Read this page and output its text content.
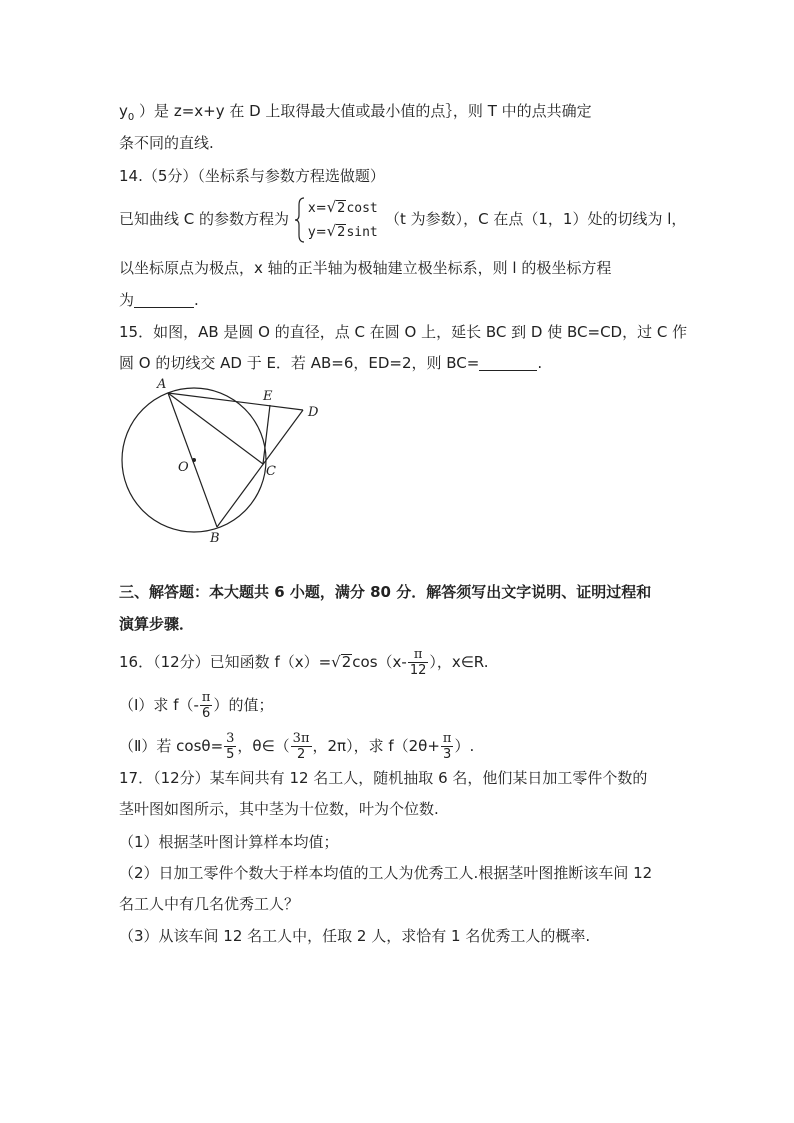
$y_0$ ）是 z=x+y 在 D 上取得最大值或最小值的点｝，则 T 中的点共确定
条不同的直线.
14.（5分）（坐标系与参数方程选做题）
已知曲线 C 的参数方程为
x=√2cost
y=√2sint
（t 为参数），C 在点（1，1）处的切线为 l，
以坐标原点为极点，x 轴的正半轴为极轴建立极坐标系，则 l 的极坐标方程
为	.
15．如图，AB 是圆 O 的直径，点 C 在圆 O 上，延长 BC 到 D 使 BC=CD，过 C 作
圆 O 的切线交 AD 于 E．若 AB=6，ED=2，则 BC=	.
A
E
D
O	C
B
三、解答题：本大题共 6 小题，满分 80 分．解答须写出文字说明、证明过程和
演算步骤．
16．（12分）已知函数 $f(x)=√2\cos(x- \frac{\pi}{12}$ ），x∈R.
（Ⅰ）求 $f(- \frac{\pi}{6}$ ）的值；
（Ⅱ）若 $\cos\theta= \frac{3}{5}$ ，θ∈（ $\frac{3\pi}{2}$ ，2π），求 $f(2\theta+ \frac{\pi}{3}$ ）.
17．（12分）某车间共有 12 名工人，随机抽取 6 名，他们某日加工零件个数的
茎叶图如图所示，其中茎为十位数，叶为个位数.
（1）根据茎叶图计算样本均值；
（2）日加工零件个数大于样本均值的工人为优秀工人.根据茎叶图推断该车间 12
名工人中有几名优秀工人？
（3）从该车间 12 名工人中，任取 2 人，求恰有 1 名优秀工人的概率.
